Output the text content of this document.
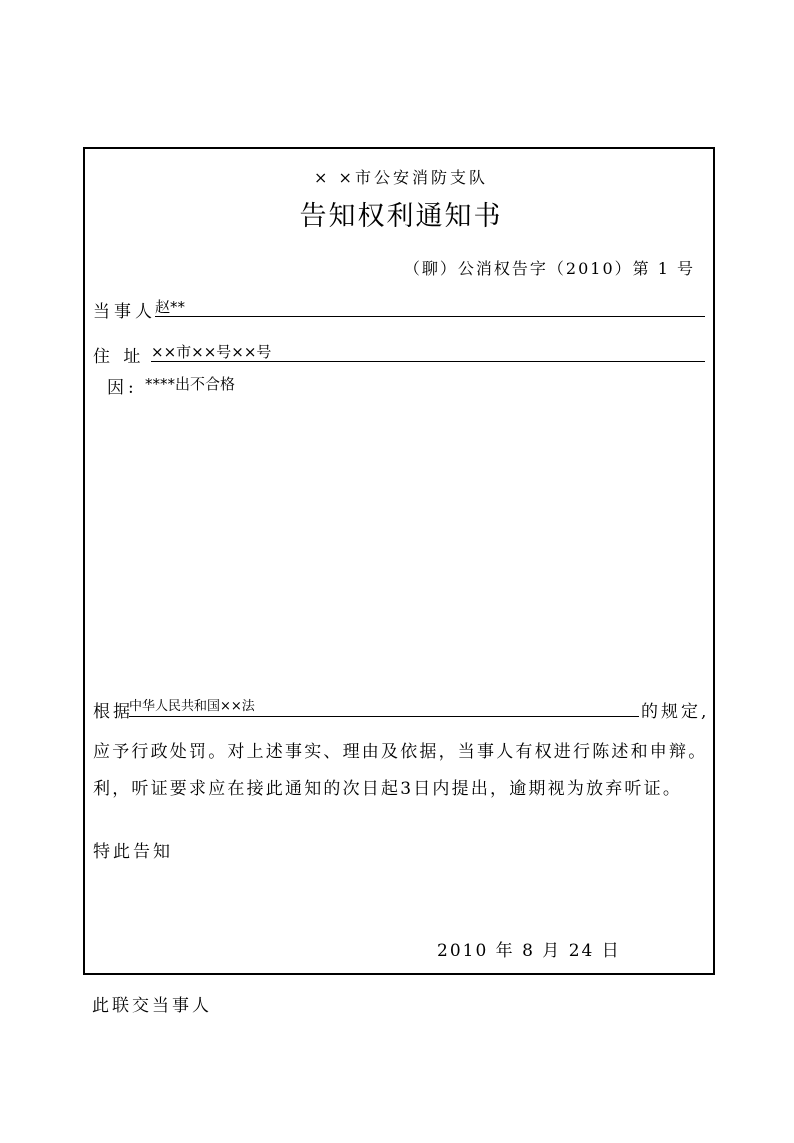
× ×市公安消防支队
告知权利通知书
（聊）公消权告字（2010）第 1 号
当事人 赵**
住 址 ××市××号××号
因: ****出不合格
根据
中华人民共和国××法	的规定,
应予行政处罚。对上述事实、理由及依据，当事人有权进行陈述和申辩。
利，听证要求应在接此通知的次日起3日内提出，逾期视为放弃听证。
特此告知
2010 年 8 月 24 日
此联交当事人
